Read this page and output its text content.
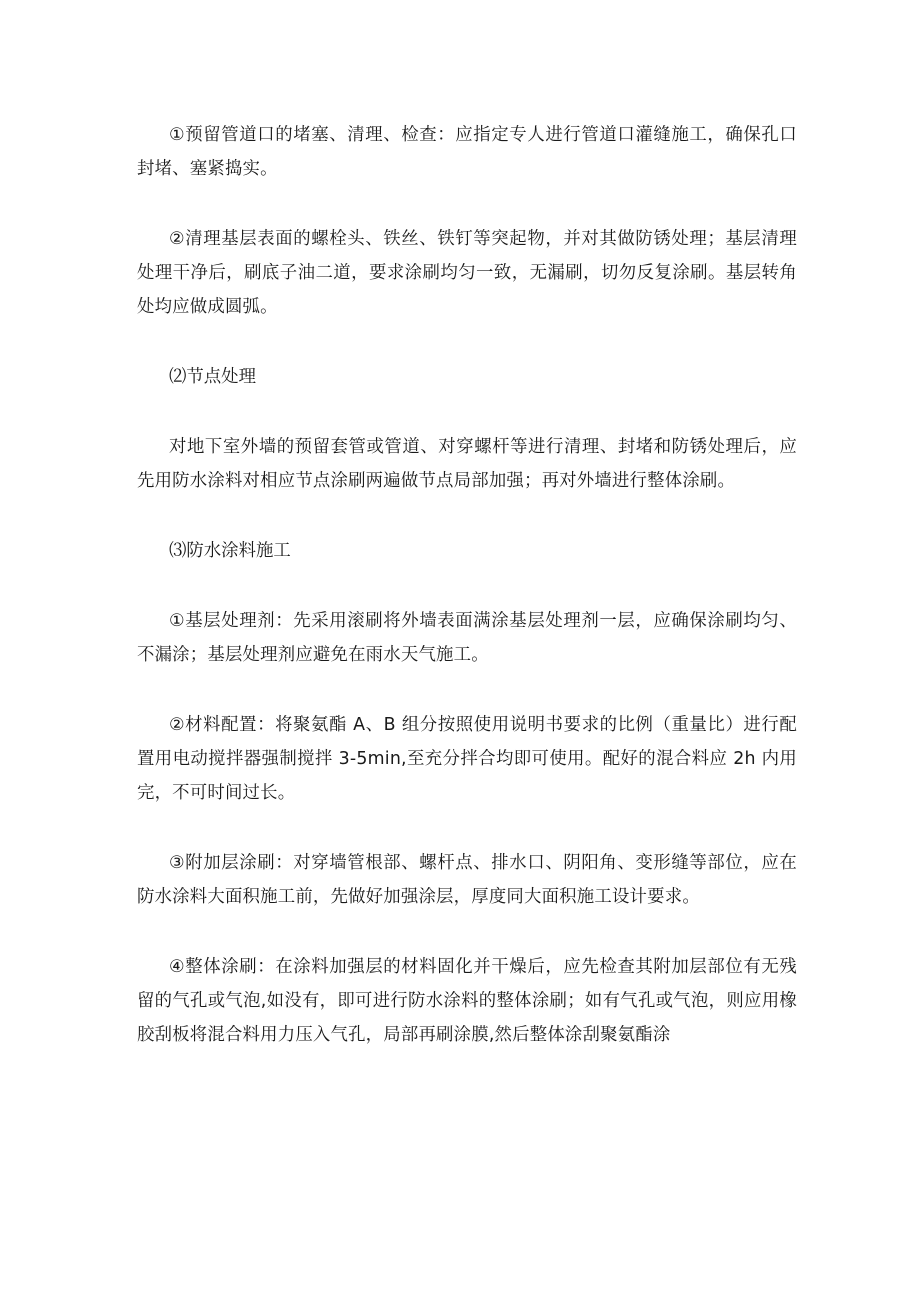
①预留管道口的堵塞、清理、检查：应指定专人进行管道口灌缝施工，确保孔口封堵、塞紧捣实。

②清理基层表面的螺栓头、铁丝、铁钉等突起物，并对其做防锈处理；基层清理处理干净后，刷底子油二道，要求涂刷均匀一致，无漏刷，切勿反复涂刷。基层转角处均应做成圆弧。

⑵节点处理

对地下室外墙的预留套管或管道、对穿螺杆等进行清理、封堵和防锈处理后，应先用防水涂料对相应节点涂刷两遍做节点局部加强；再对外墙进行整体涂刷。

⑶防水涂料施工

①基层处理剂：先采用滚刷将外墙表面满涂基层处理剂一层，应确保涂刷均匀、不漏涂；基层处理剂应避免在雨水天气施工。

②材料配置：将聚氨酯 A、B 组分按照使用说明书要求的比例（重量比）进行配置用电动搅拌器强制搅拌 3-5min,至充分拌合均即可使用。配好的混合料应 2h 内用完，不可时间过长。

③附加层涂刷：对穿墙管根部、螺杆点、排水口、阴阳角、变形缝等部位，应在防水涂料大面积施工前，先做好加强涂层，厚度同大面积施工设计要求。

④整体涂刷：在涂料加强层的材料固化并干燥后，应先检查其附加层部位有无残留的气孔或气泡,如没有，即可进行防水涂料的整体涂刷；如有气孔或气泡，则应用橡胶刮板将混合料用力压入气孔，局部再刷涂膜,然后整体涂刮聚氨酯涂
